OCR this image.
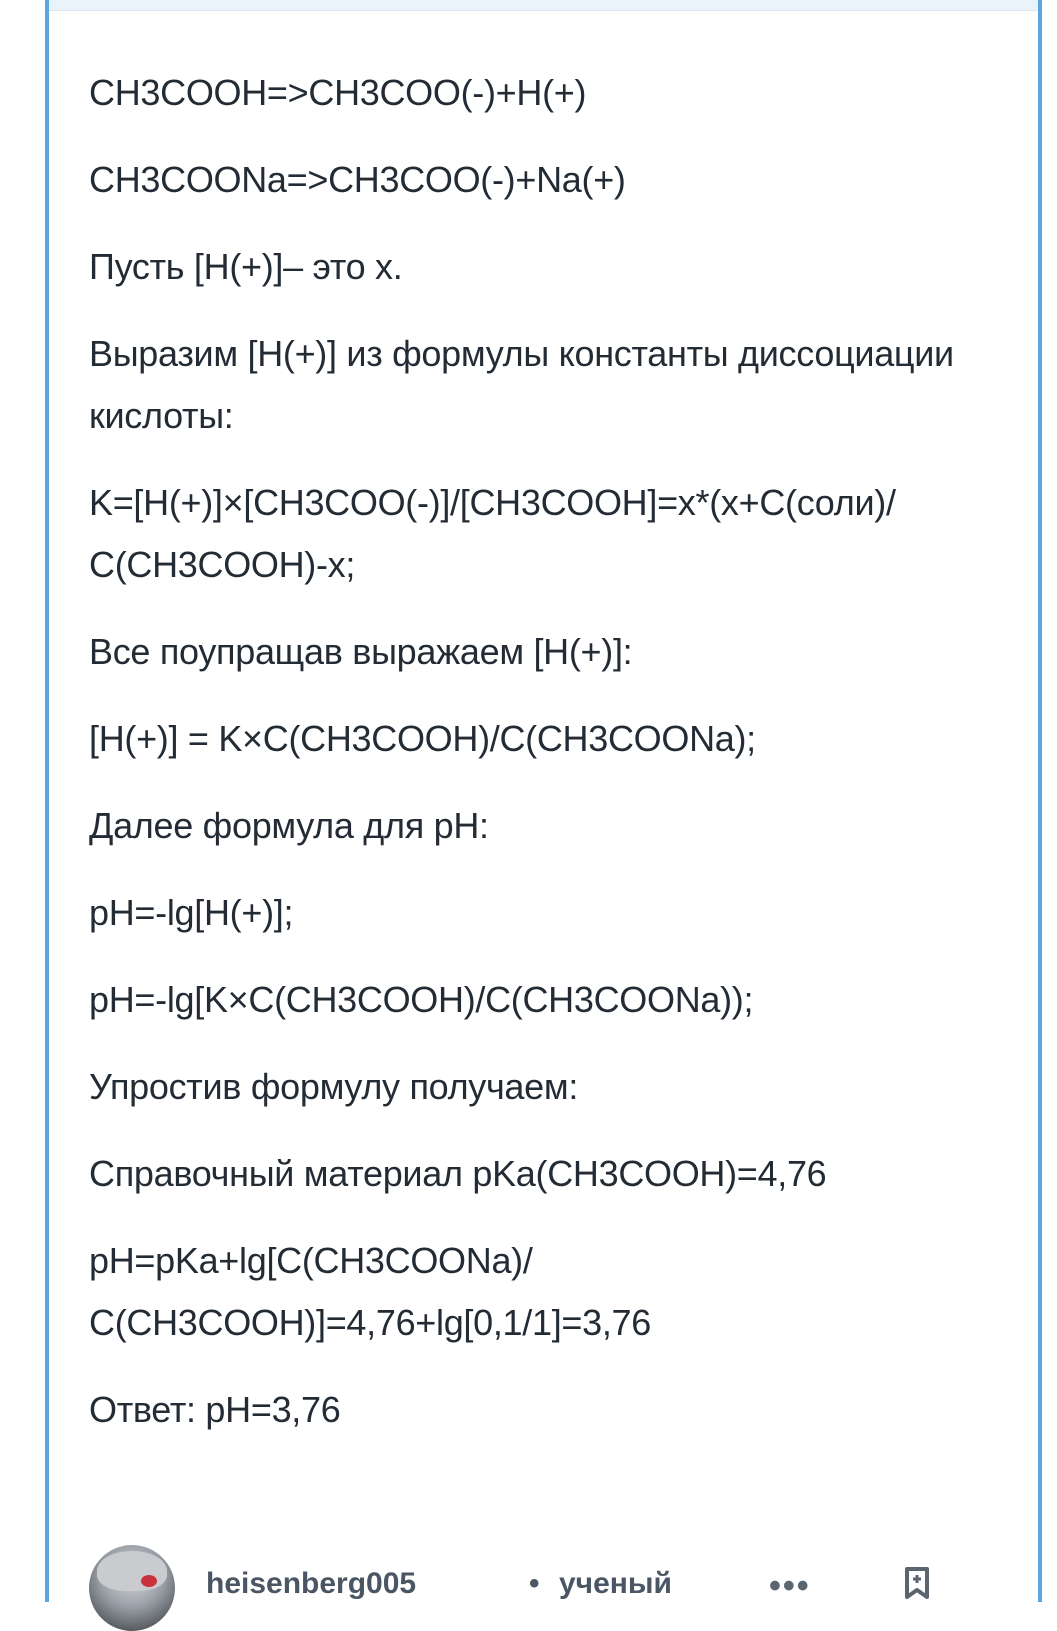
CH3COOH=>CH3COO(-)+H(+)

CH3COONa=>CH3COO(-)+Na(+)

Пусть [H(+)]– это x.

Выразим [H(+)] из формулы константы диссоциации кислоты:

K=[H(+)]×[CH3COO(-)]/[CH3COOH]=x*(x+C(соли)/ C(CH3COOH)-x;

Все поупращав выражаем [H(+)]:

[H(+)] = K×C(CH3COOH)/C(CH3COONa);

Далее формула для pH:

pH=-lg[H(+)];

pH=-lg[K×C(CH3COOH)/C(CH3COONa));

Упростив формулу получаем:

Справочный материал pKa(CH3COOH)=4,76

pH=pKa+lg[C(CH3COONa)/ C(CH3COOH)]=4,76+lg[0,1/1]=3,76

Ответ: pH=3,76

heisenberg005	• ученый	•••
